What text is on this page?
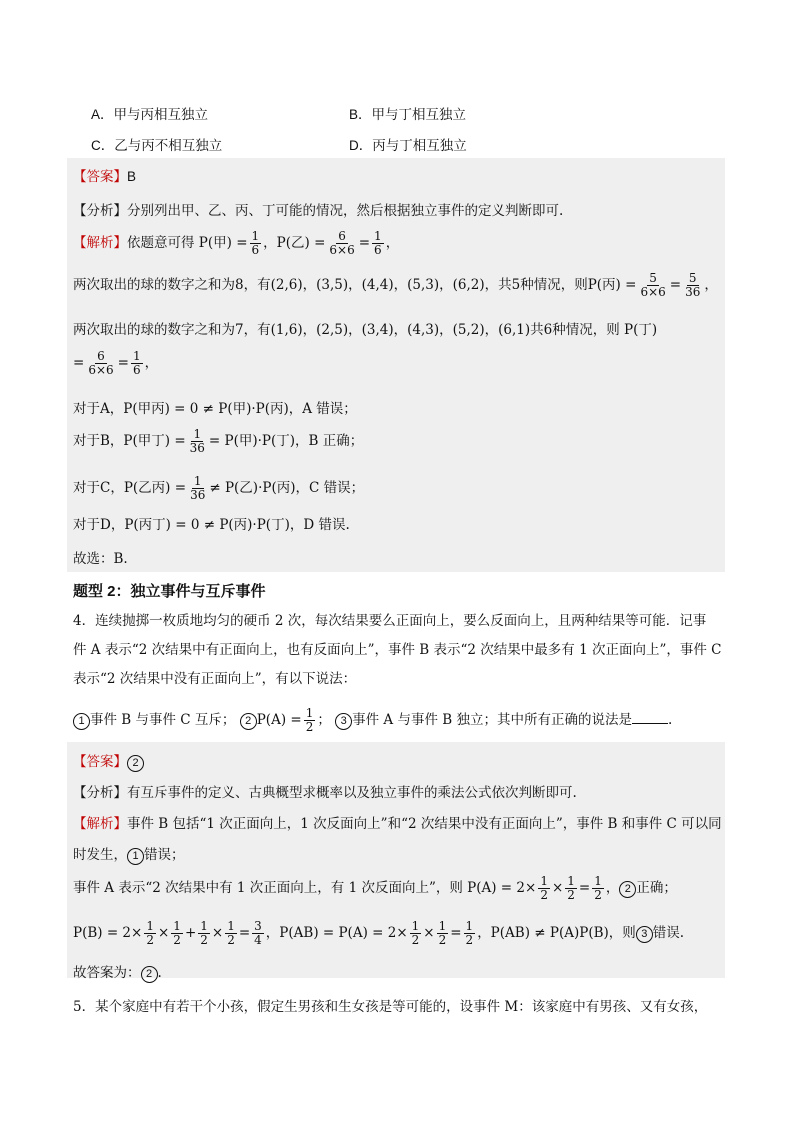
A．甲与丙相互独立	B．甲与丁相互独立
C．乙与丙不相互独立	D．丙与丁相互独立
【答案】B
【分析】分别列出甲、乙、丙、丁可能的情况，然后根据独立事件的定义判断即可.
【解析】依题意可得 P(甲) = $\frac{1}{6}$ ，P(乙) = $\frac{6}{6\times 6} = \frac{1}{6}$ ，
两次取出的球的数字之和为8，有(2,6)，(3,5)，(4,4)，(5,3)，(6,2)，共5种情况，则P(丙) = $\frac{5}{6\times 6} = \frac{5}{36}$ ，
两次取出的球的数字之和为7，有(1,6)，(2,5)，(3,4)，(4,3)，(5,2)，(6,1)共6种情况，则 P(丁)
= $\frac{6}{6\times 6} = \frac{1}{6}$ ，
对于A，P(甲丙) = 0 ≠ P(甲)·P(丙)，A 错误；
对于B，P(甲丁) = $\frac{1}{36} = P$(甲)·P(丁)，B 正确；
对于C，P(乙丙) = $\frac{1}{36} \ne P$(乙)·P(丙)，C 错误；
对于D，P(丙丁) = 0 ≠ P(丙)·P(丁)，D 错误.
故选：B.
题型 2：独立事件与互斥事件
4．连续抛掷一枚质地均匀的硬币 2 次，每次结果要么正面向上，要么反面向上，且两种结果等可能．记事
件 A 表示“2 次结果中有正面向上，也有反面向上”，事件 B 表示“2 次结果中最多有 1 次正面向上”，事件 C
表示“2 次结果中没有正面向上”，有以下说法：
1 事件 B 与事件 C 互斥； 2 $P(A) = \frac{1}{2}$ ； 3 事件 A 与事件 B 独立；其中所有正确的说法是	.
【答案】 2
【分析】有互斥事件的定义、古典概型求概率以及独立事件的乘法公式依次判断即可.
【解析】事件 B 包括“1 次正面向上，1 次反面向上”和“2 次结果中没有正面向上”，事件 B 和事件 C 可以同
时发生， 1 错误；
事件 A 表示“2 次结果中有 1 次正面向上，有 1 次反面向上”，则 $P(A) = 2\times \frac{1}{2} \times \frac{1}{2} = \frac{1}{2}$ ， 2 正确；
$P(B) = 2\times \frac{1}{2} \times \frac{1}{2} + \frac{1}{2} \times \frac{1}{2} = \frac{3}{4}$ ，$P(AB) = P(A) = 2\times \frac{1}{2} \times \frac{1}{2} = \frac{1}{2}$ ，P(AB) ≠ P(A)P(B)，则 3 错误.
故答案为： 2 .
5．某个家庭中有若干个小孩，假定生男孩和生女孩是等可能的，设事件 M：该家庭中有男孩、又有女孩，
